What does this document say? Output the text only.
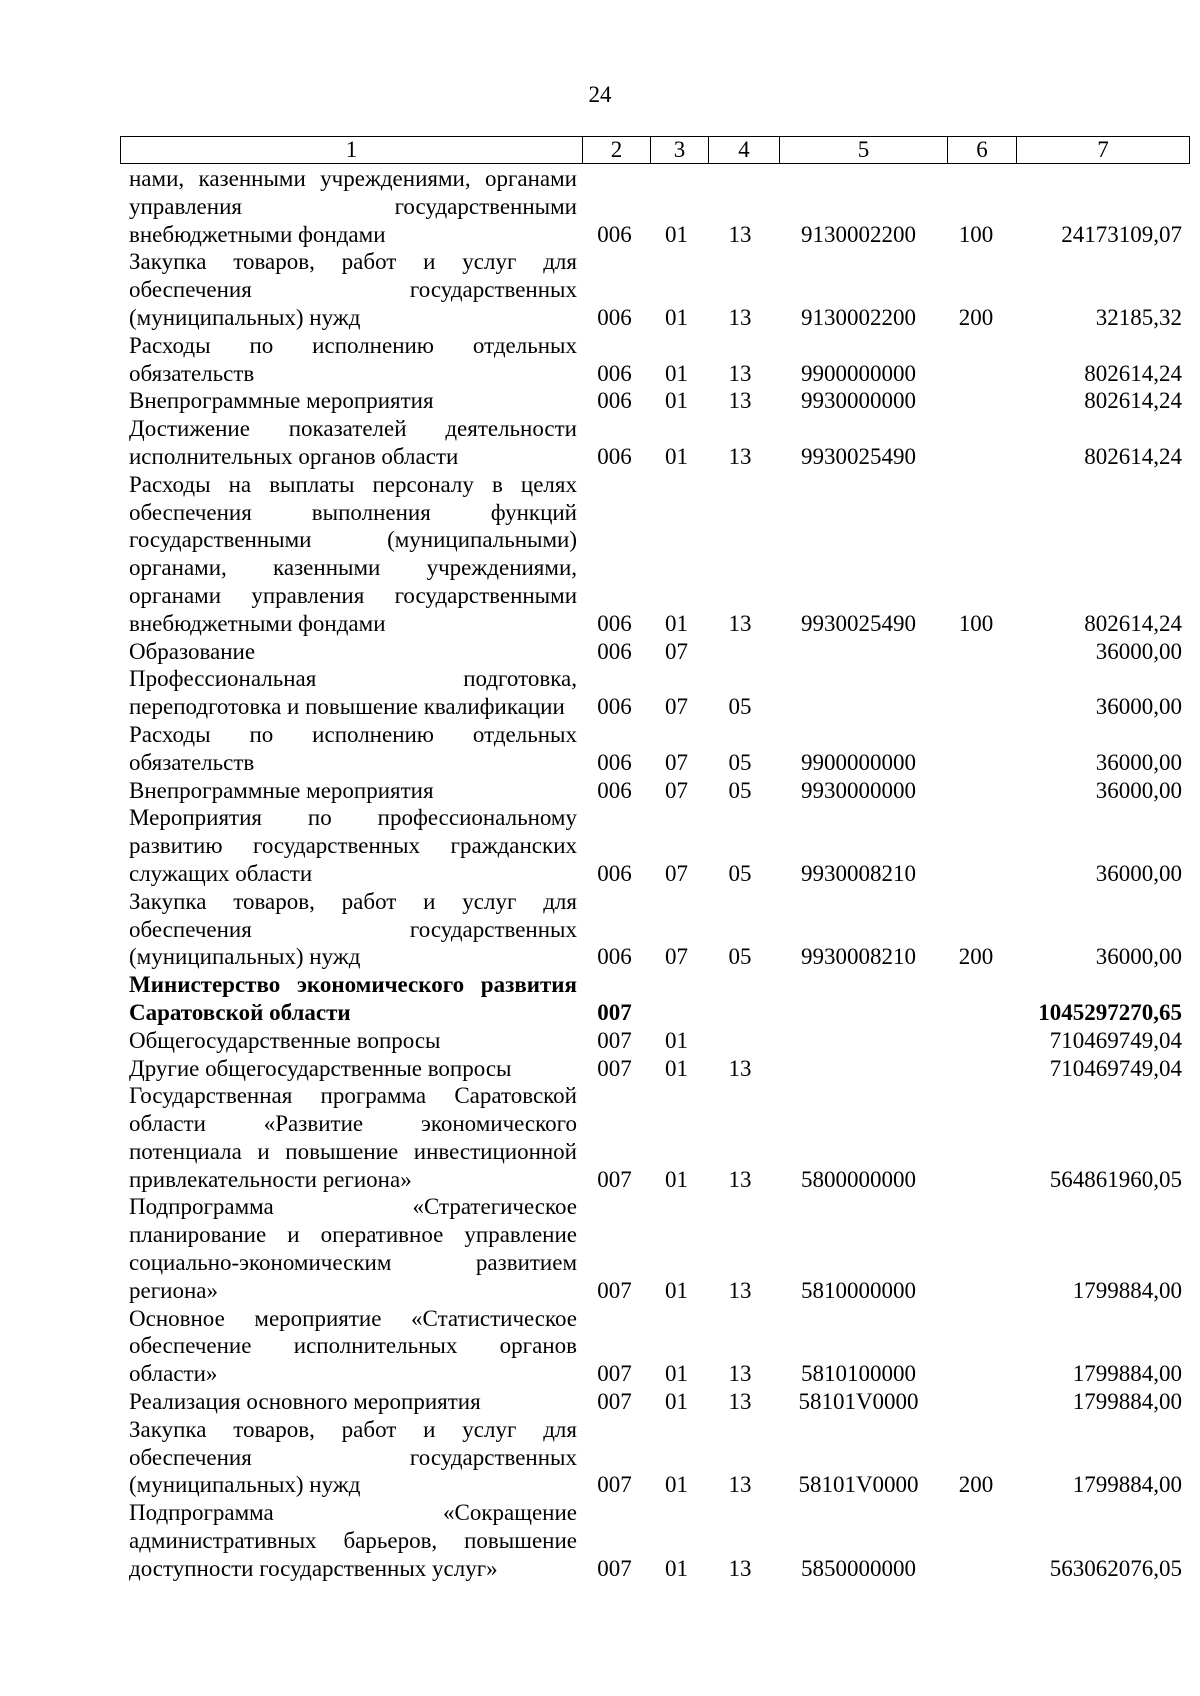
24
1	2	3	4	5	6	7
нами, казенными учреждениями, органами управления государственными внебюджетными фондами	006	01	13	9130002200	100	24173109,07

Закупка товаров, работ и услуг для обеспечения государственных (муниципальных) нужд	006	01	13	9130002200	200	32185,32

Расходы по исполнению отдельных обязательств	006	01	13	9900000000		802614,24

Внепрограммные мероприятия	006	01	13	9930000000		802614,24

Достижение показателей деятельности исполнительных органов области	006	01	13	9930025490		802614,24

Расходы на выплаты персоналу в целях обеспечения выполнения функций государственными (муниципальными) органами, казенными учреждениями, органами управления государственными внебюджетными фондами	006	01	13	9930025490	100	802614,24

Образование	006	07				36000,00

Профессиональная подготовка, переподготовка и повышение квалификации	006	07	05			36000,00

Расходы по исполнению отдельных обязательств	006	07	05	9900000000		36000,00

Внепрограммные мероприятия	006	07	05	9930000000		36000,00

Мероприятия по профессиональному развитию государственных гражданских служащих области	006	07	05	9930008210		36000,00

Закупка товаров, работ и услуг для обеспечения государственных (муниципальных) нужд	006	07	05	9930008210	200	36000,00

Министерство экономического развития Саратовской области	007					1045297270,65

Общегосударственные вопросы	007	01				710469749,04

Другие общегосударственные вопросы	007	01	13			710469749,04

Государственная программа Саратовской области «Развитие экономического потенциала и повышение инвестиционной привлекательности региона»	007	01	13	5800000000		564861960,05

Подпрограмма «Стратегическое планирование и оперативное управление социально-экономическим развитием региона»	007	01	13	5810000000		1799884,00

Основное мероприятие «Статистическое обеспечение исполнительных органов области»	007	01	13	5810100000		1799884,00

Реализация основного мероприятия	007	01	13	58101V0000		1799884,00

Закупка товаров, работ и услуг для обеспечения государственных (муниципальных) нужд	007	01	13	58101V0000	200	1799884,00

Подпрограмма «Сокращение административных барьеров, повышение доступности государственных услуг»	007	01	13	5850000000		563062076,05
